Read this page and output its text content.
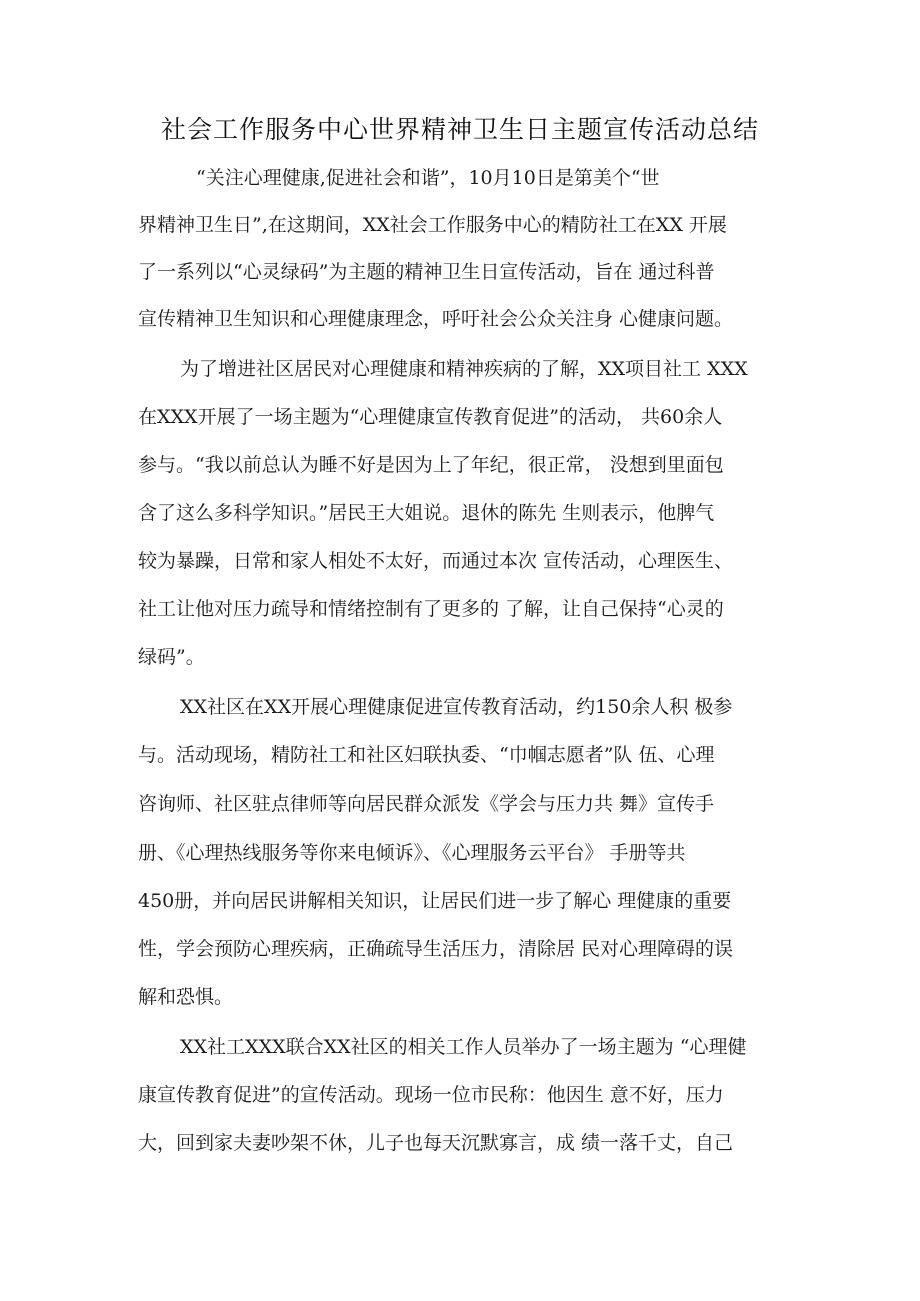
社会工作服务中心世界精神卫生日主题宣传活动总结
“关注心理健康,促进社会和谐”，10月10日是第美个“世
界精神卫生日”,在这期间，XX社会工作服务中心的精防社工在XX 开展
了一系列以“心灵绿码”为主题的精神卫生日宣传活动，旨在 通过科普
宣传精神卫生知识和心理健康理念，呼吁社会公众关注身 心健康问题。
为了增进社区居民对心理健康和精神疾病的了解，XX项目社工 XXX
在XXX开展了一场主题为“心理健康宣传教育促进”的活动， 共60余人
参与。“我以前总认为睡不好是因为上了年纪，很正常， 没想到里面包
含了这么多科学知识。”居民王大姐说。退休的陈先 生则表示，他脾气
较为暴躁，日常和家人相处不太好，而通过本次 宣传活动，心理医生、
社工让他对压力疏导和情绪控制有了更多的 了解，让自己保持“心灵的
绿码”。
XX社区在XX开展心理健康促进宣传教育活动，约150余人积 极参
与。活动现场，精防社工和社区妇联执委、“巾帼志愿者”队 伍、心理
咨询师、社区驻点律师等向居民群众派发《学会与压力共 舞》宣传手
册、《心理热线服务等你来电倾诉》、《心理服务云平台》 手册等共
450册，并向居民讲解相关知识，让居民们进一步了解心 理健康的重要
性，学会预防心理疾病，正确疏导生活压力，清除居 民对心理障碍的误
解和恐惧。
XX社工XXX联合XX社区的相关工作人员举办了一场主题为 “心理健
康宣传教育促进”的宣传活动。现场一位市民称：他因生 意不好，压力
大，回到家夫妻吵架不休，儿子也每天沉默寡言，成 绩一落千丈，自己
